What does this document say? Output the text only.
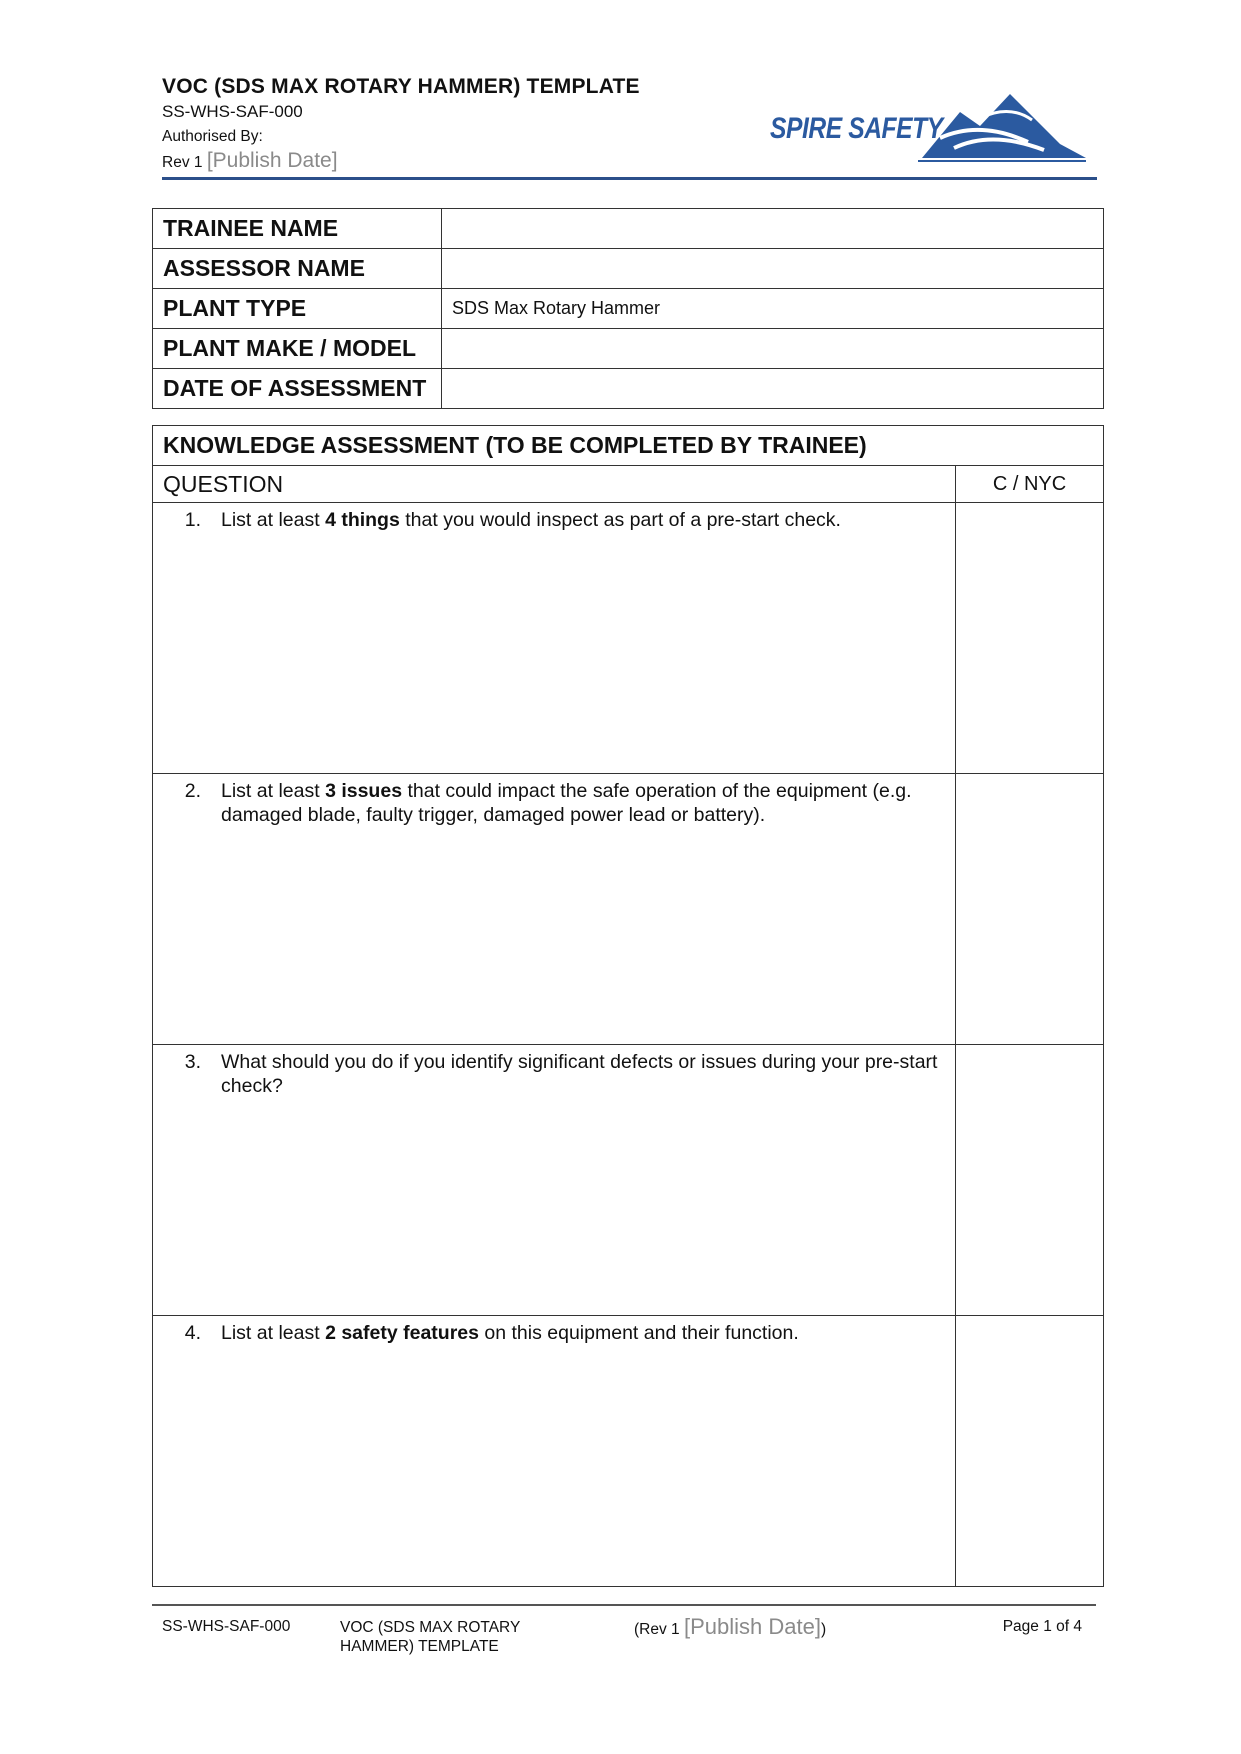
VOC (SDS MAX ROTARY HAMMER) TEMPLATE
SS-WHS-SAF-000
Authorised By:
Rev 1 [Publish Date]
SPIRE SAFETY
TRAINEE NAME	
ASSESSOR NAME	
PLANT TYPE	SDS Max Rotary Hammer
PLANT MAKE / MODEL	
DATE OF ASSESSMENT	
KNOWLEDGE ASSESSMENT (TO BE COMPLETED BY TRAINEE)	
QUESTION	C / NYC

1. List at least 4 things that you would inspect as part of a pre-start check.	

2. List at least 3 issues that could impact the safe operation of the equipment (e.g. damaged blade, faulty trigger, damaged power lead or battery).	

3. What should you do if you identify significant defects or issues during your pre-start check?	

4. List at least 2 safety features on this equipment and their function.	

SS-WHS-SAF-000	VOC (SDS MAX ROTARY HAMMER) TEMPLATE
(Rev 1 [Publish Date])	Page 1 of 4
